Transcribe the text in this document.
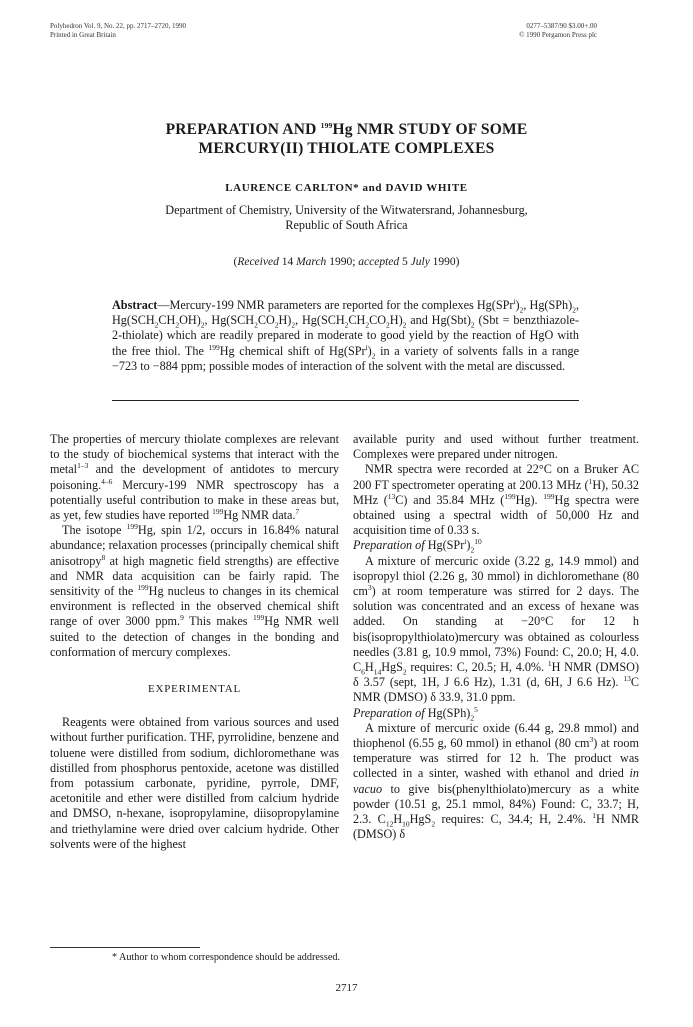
Polyhedron Vol. 9, No. 22, pp. 2717–2720, 1990
Printed in Great Britain
0277–5387/90 $3.00+.00
© 1990 Pergamon Press plc
PREPARATION AND $^{199}$Hg NMR STUDY OF SOME
MERCURY(II) THIOLATE COMPLEXES
LAURENCE CARLTON* and DAVID WHITE
Department of Chemistry, University of the Witwatersrand, Johannesburg,
Republic of South Africa
(Received 14 March 1990; accepted 5 July 1990)
Abstract—Mercury-199 NMR parameters are reported for the complexes $Hg(SPr^i)_2$, $Hg(SPh)_2$, $Hg(SCH_2CH_2OH)_2$, $Hg(SCH_2CO_2H)_2$, $Hg(SCH_2CH_2CO_2H)_2$ and $Hg(Sbt)_2$ (Sbt = benzthiazole-2-thiolate) which are readily prepared in moderate to good yield by the reaction of HgO with the free thiol. The $^{199}$Hg chemical shift of $Hg(SPr^i)_2$ in a variety of solvents falls in a range −723 to −884 ppm; possible modes of interaction of the solvent with the metal are discussed.

The properties of mercury thiolate complexes are relevant to the study of biochemical systems that interact with the metal$^{1-3}$ and the development of antidotes to mercury poisoning.$^{4-6}$ Mercury-199 NMR spectroscopy has a potentially useful contribution to make in these areas but, as yet, few studies have reported $^{199}$Hg NMR data.$^7$

The isotope $^{199}$Hg, spin 1/2, occurs in 16.84% natural abundance; relaxation processes (principally chemical shift anisotropy$^8$ at high magnetic field strengths) are effective and NMR data acquisition can be fairly rapid. The sensitivity of the $^{199}$Hg nucleus to changes in its chemical environment is reflected in the observed chemical shift range of over 3000 ppm.$^9$ This makes $^{199}$Hg NMR well suited to the detection of changes in the bonding and conformation of mercury complexes.

EXPERIMENTAL

Reagents were obtained from various sources and used without further purification. THF, pyrrolidine, benzene and toluene were distilled from sodium, dichloromethane was distilled from phosphorus pentoxide, acetone was distilled from potassium carbonate, pyridine, pyrrole, DMF, acetonitile and ether were distilled from calcium hydride and DMSO, n-hexane, isopropylamine, diisopropylamine and triethylamine were dried over calcium hydride. Other solvents were of the highest

available purity and used without further treatment. Complexes were prepared under nitrogen.

NMR spectra were recorded at 22°C on a Bruker AC 200 FT spectrometer operating at 200.13 MHz ($^1$H), 50.32 MHz ($^{13}$C) and 35.84 MHz ($^{199}$Hg). $^{199}$Hg spectra were obtained using a spectral width of 50,000 Hz and acquisition time of 0.33 s.

Preparation of $Hg(SPr^i)_2^{10}$

A mixture of mercuric oxide (3.22 g, 14.9 mmol) and isopropyl thiol (2.26 g, 30 mmol) in dichloromethane (80 $cm^3$) at room temperature was stirred for 2 days. The solution was concentrated and an excess of hexane was added. On standing at −20°C for 12 h bis(isopropylthiolato)mercury was obtained as colourless needles (3.81 g, 10.9 mmol, 73%) Found: C, 20.0; H, 4.0. $C_6H_{14}HgS_2$ requires: C, 20.5; H, 4.0%. $^1$H NMR (DMSO) δ 3.57 (sept, 1H, J 6.6 Hz), 1.31 (d, 6H, J 6.6 Hz). $^{13}$C NMR (DMSO) δ 33.9, 31.0 ppm.

Preparation of $Hg(SPh)_2^5$

A mixture of mercuric oxide (6.44 g, 29.8 mmol) and thiophenol (6.55 g, 60 mmol) in ethanol (80 $cm^3$) at room temperature was stirred for 12 h. The product was collected in a sinter, washed with ethanol and dried in vacuo to give bis(phenylthiolato)mercury as a white powder (10.51 g, 25.1 mmol, 84%) Found: C, 33.7; H, 2.3. $C_{12}H_{10}HgS_2$ requires: C, 34.4; H, 2.4%. $^1$H NMR (DMSO) δ

* Author to whom correspondence should be addressed.
2717
